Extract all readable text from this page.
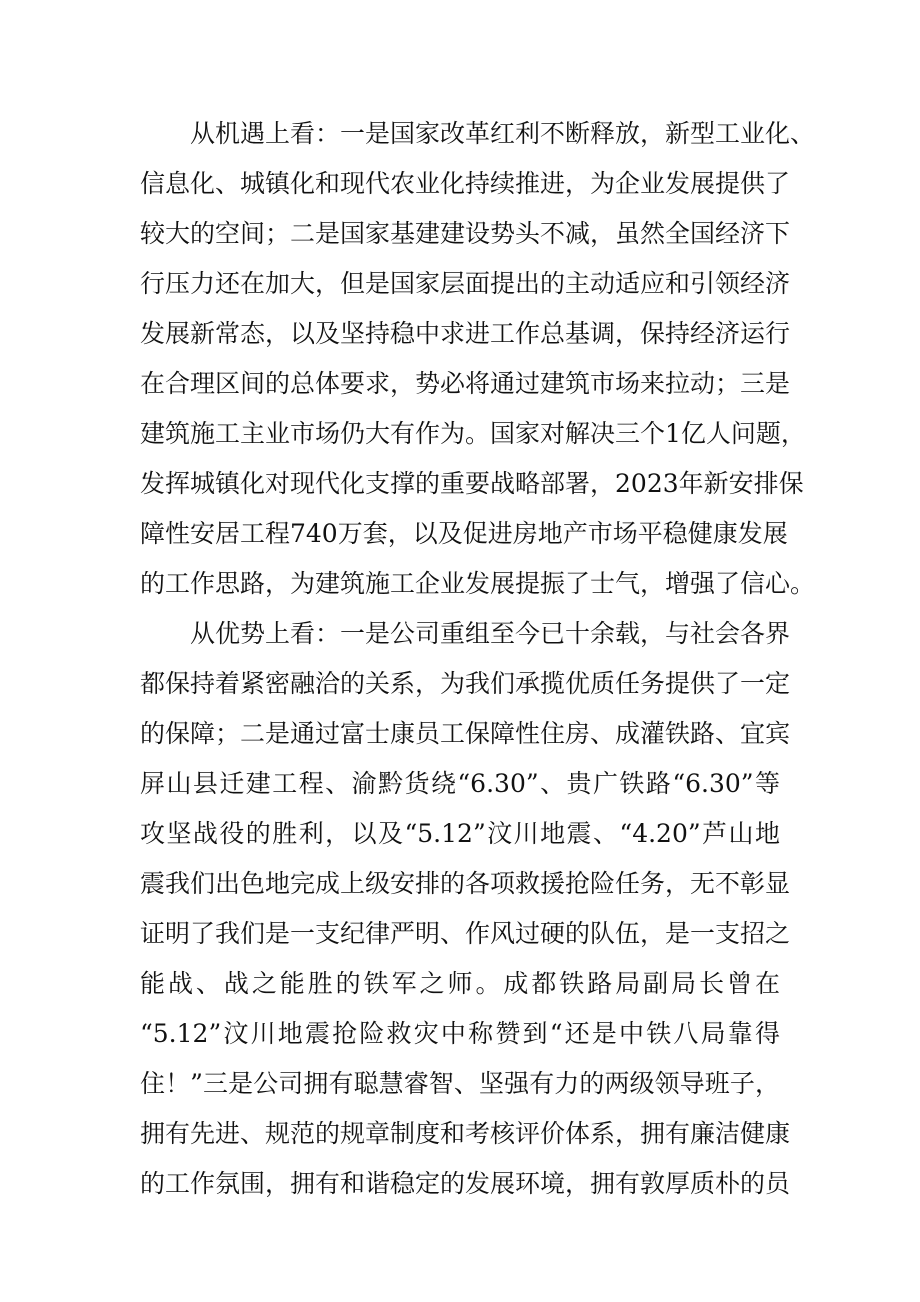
从机遇上看：一是国家改革红利不断释放，新型工业化、
信息化、城镇化和现代农业化持续推进，为企业发展提供了
较大的空间；二是国家基建建设势头不减，虽然全国经济下
行压力还在加大，但是国家层面提出的主动适应和引领经济
发展新常态，以及坚持稳中求进工作总基调，保持经济运行
在合理区间的总体要求，势必将通过建筑市场来拉动；三是
建筑施工主业市场仍大有作为。国家对解决三个1亿人问题，
发挥城镇化对现代化支撑的重要战略部署，2023年新安排保
障性安居工程740万套，以及促进房地产市场平稳健康发展
的工作思路，为建筑施工企业发展提振了士气，增强了信心。
从优势上看：一是公司重组至今已十余载，与社会各界
都保持着紧密融洽的关系，为我们承揽优质任务提供了一定
的保障；二是通过富士康员工保障性住房、成灌铁路、宜宾
屏山县迁建工程、渝黔货绕“6.30”、贵广铁路“6.30”等
攻坚战役的胜利，以及“5.12”汶川地震、“4.20”芦山地
震我们出色地完成上级安排的各项救援抢险任务，无不彰显
证明了我们是一支纪律严明、作风过硬的队伍，是一支招之
能战、战之能胜的铁军之师。成都铁路局副局长曾在
“5.12”汶川地震抢险救灾中称赞到“还是中铁八局靠得
住！”三是公司拥有聪慧睿智、坚强有力的两级领导班子，
拥有先进、规范的规章制度和考核评价体系，拥有廉洁健康
的工作氛围，拥有和谐稳定的发展环境，拥有敦厚质朴的员
